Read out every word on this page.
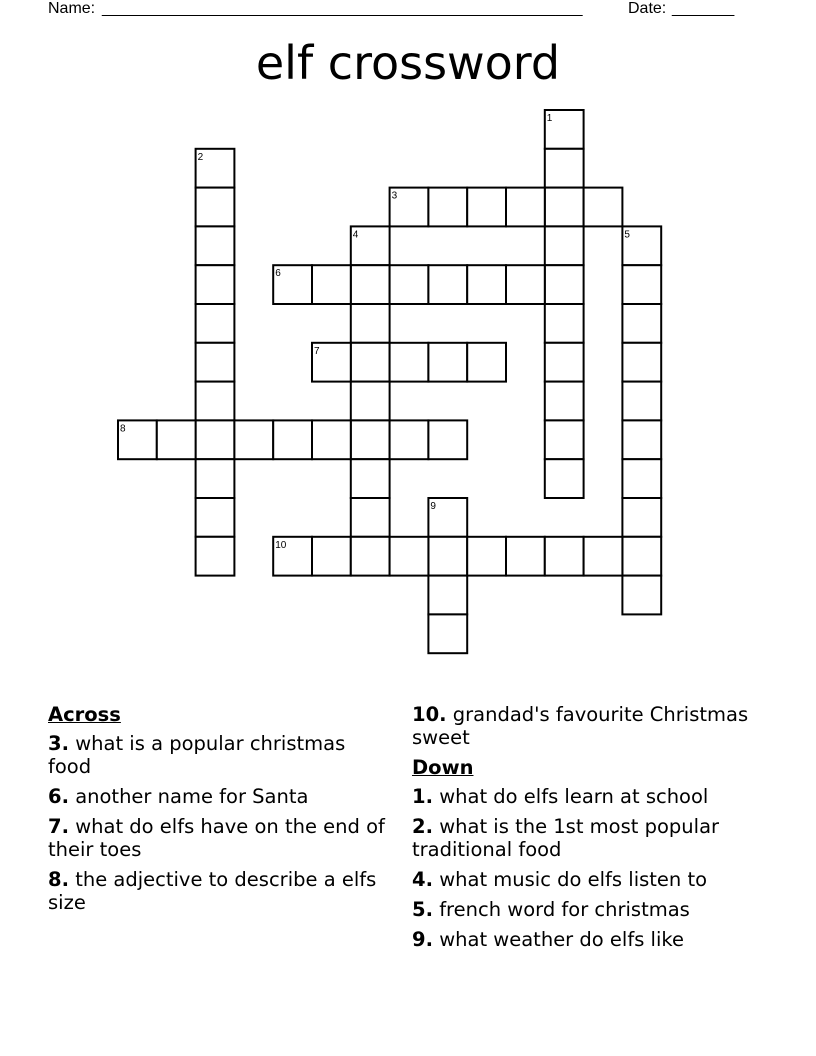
Name: ______________________________________________________	Date: _______
elf crossword
1
2
3
4	5
6
7
8
9
10
Across
3. what is a popular christmas food
6. another name for Santa
7. what do elfs have on the end of their toes
8. the adjective to describe a elfs size
10. grandad's favourite Christmas sweet
Down
1. what do elfs learn at school
2. what is the 1st most popular traditional food
4. what music do elfs listen to
5. french word for christmas
9. what weather do elfs like
